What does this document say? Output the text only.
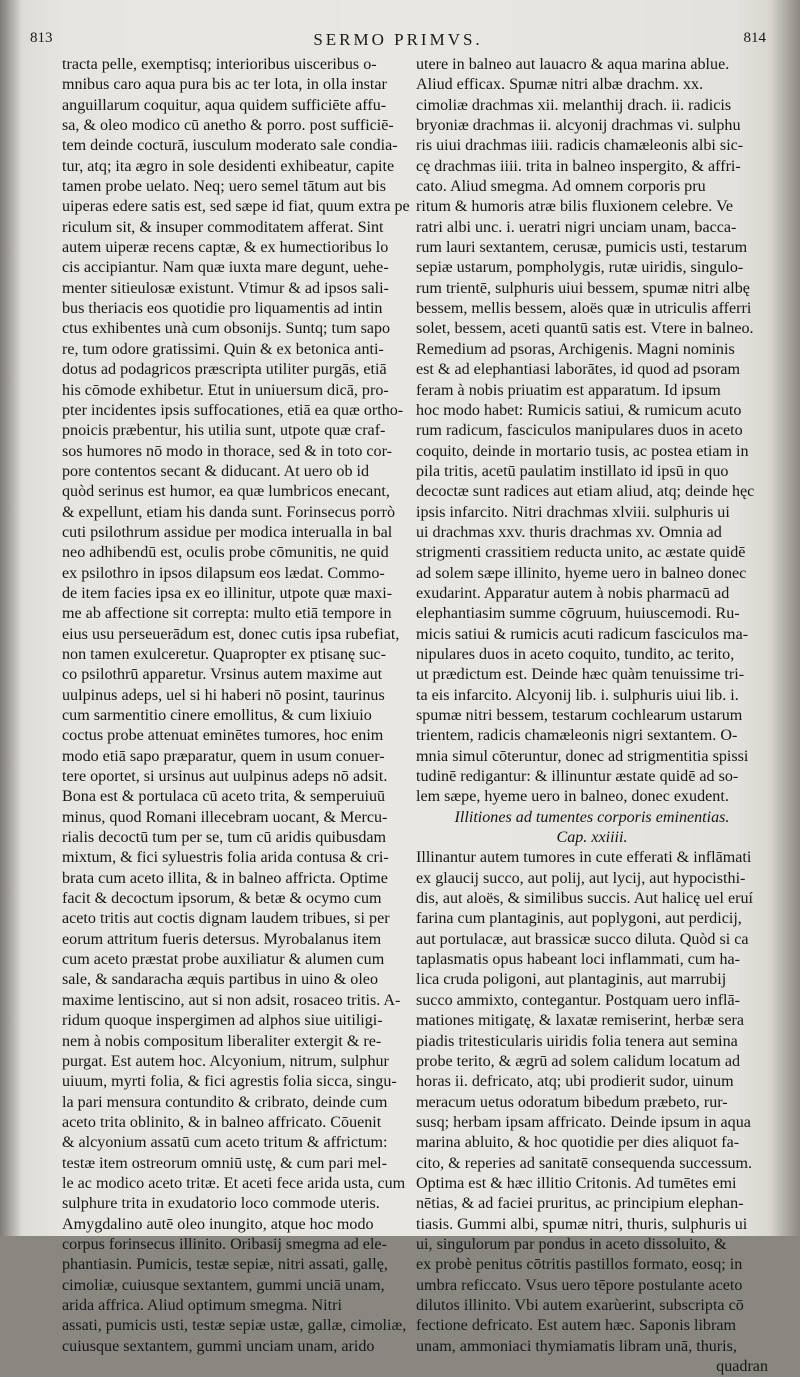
813	SERMO PRIMVS.	814
tracta pelle, exemptisq; interioribus uisceribus o-
mnibus caro aqua pura bis ac ter lota, in olla instar
anguillarum coquitur, aqua quidem sufficiēte affu-
sa, & oleo modico cū anetho & porro. post sufficiē-
tem deinde cocturā, iusculum moderato sale condia-
tur, atq; ita ægro in sole desidenti exhibeatur, capite
tamen probe uelato. Neq; uero semel tātum aut bis
uiperas edere satis est, sed sæpe id fiat, quum extra pe
riculum sit, & insuper commoditatem afferat. Sint
autem uiperæ recens captæ, & ex humectioribus lo
cis accipiantur. Nam quæ iuxta mare degunt, uehe-
menter sitieulosæ existunt. Vtimur & ad ipsos sali-
bus theriacis eos quotidie pro liquamentis ad intin
ctus exhibentes unà cum obsonijs. Suntq; tum sapo
re, tum odore gratissimi. Quin & ex betonica anti-
dotus ad podagricos præscripta utiliter purgās, etiā
his cōmode exhibetur. Etut in uniuersum dicā, pro-
pter incidentes ipsis suffocationes, etiā ea quæ ortho-
pnoicis præbentur, his utilia sunt, utpote quæ craf-
sos humores nō modo in thorace, sed & in toto cor-
pore contentos secant & diducant. At uero ob id
quòd serinus est humor, ea quæ lumbricos enecant,
& expellunt, etiam his danda sunt. Forinsecus porrò
cuti psilothrum assidue per modica interualla in bal
neo adhibendū est, oculis probe cōmunitis, ne quid
ex psilothro in ipsos dilapsum eos lædat. Commo-
de item facies ipsa ex eo illinitur, utpote quæ maxi-
me ab affectione sit correpta: multo etiā tempore in
eius usu perseuerādum est, donec cutis ipsa rubefiat,
non tamen exulceretur. Quapropter ex ptisanę suc-
co psilothrū apparetur. Vrsinus autem maxime aut
uulpinus adeps, uel si hi haberi nō posint, taurinus
cum sarmentitio cinere emollitus, & cum lixiuio
coctus probe attenuat eminētes tumores, hoc enim
modo etiā sapo præparatur, quem in usum conuer-
tere oportet, si ursinus aut uulpinus adeps nō adsit.
Bona est & portulaca cū aceto trita, & semperuiuū
minus, quod Romani illecebram uocant, & Mercu-
rialis decoctū tum per se, tum cū aridis quibusdam
mixtum, & fici syluestris folia arida contusa & cri-
brata cum aceto illita, & in balneo affricta. Optime
facit & decoctum ipsorum, & betæ & ocymo cum
aceto tritis aut coctis dignam laudem tribues, si per
eorum attritum fueris detersus. Myrobalanus item
cum aceto præstat probe auxiliatur & alumen cum
sale, & sandaracha æquis partibus in uino & oleo
maxime lentiscino, aut si non adsit, rosaceo tritis. A-
ridum quoque inspergimen ad alphos siue uitiligi-
nem à nobis compositum liberaliter extergit & re-
purgat. Est autem hoc. Alcyonium, nitrum, sulphur
uiuum, myrti folia, & fici agrestis folia sicca, singu-
la pari mensura contundito & cribrato, deinde cum
aceto trita oblinito, & in balneo affricato. Cōuenit
& alcyonium assatū cum aceto tritum & affrictum:
testæ item ostreorum omniū ustę, & cum pari mel-
le ac modico aceto tritæ. Et aceti fece arida usta, cum
sulphure trita in exudatorio loco commode uteris.
Amygdalino autē oleo inungito, atque hoc modo
corpus forinsecus illinito. Oribasij smegma ad ele-
phantiasin. Pumicis, testæ sepiæ, nitri assati, gallę,
cimoliæ, cuiusque sextantem, gummi unciā unam,
arida affrica. Aliud optimum smegma. Nitri
assati, pumicis usti, testæ sepiæ ustæ, gallæ, cimoliæ,
cuiusque sextantem, gummi unciam unam, arido
utere in balneo aut lauacro & aqua marina ablue.
Aliud efficax. Spumæ nitri albæ drachm. xx.
cimoliæ drachmas xii. melanthij drach. ii. radicis
bryoniæ drachmas ii. alcyonij drachmas vi. sulphu
ris uiui drachmas iiii. radicis chamæleonis albi sic-
cę drachmas iiii. trita in balneo inspergito, & affri-
cato. Aliud smegma. Ad omnem corporis pru
ritum & humoris atræ bilis fluxionem celebre. Ve
ratri albi unc. i. ueratri nigri unciam unam, bacca-
rum lauri sextantem, cerusæ, pumicis usti, testarum
sepiæ ustarum, pompholygis, rutæ uiridis, singulo-
rum trientē, sulphuris uiui bessem, spumæ nitri albę
bessem, mellis bessem, aloës quæ in utriculis afferri
solet, bessem, aceti quantū satis est. Vtere in balneo.
Remedium ad psoras, Archigenis. Magni nominis
est & ad elephantiasi laborātes, id quod ad psoram
feram à nobis priuatim est apparatum. Id ipsum
hoc modo habet: Rumicis satiui, & rumicum acuto
rum radicum, fasciculos manipulares duos in aceto
coquito, deinde in mortario tusis, ac postea etiam in
pila tritis, acetū paulatim instillato id ipsū in quo
decoctæ sunt radices aut etiam aliud, atq; deinde hęc
ipsis infarcito. Nitri drachmas xlviii. sulphuris ui
ui drachmas xxv. thuris drachmas xv. Omnia ad
strigmenti crassitiem reducta unito, ac æstate quidē
ad solem sæpe illinito, hyeme uero in balneo donec
exudarint. Apparatur autem à nobis pharmacū ad
elephantiasim summe cōgruum, huiuscemodi. Ru-
micis satiui & rumicis acuti radicum fasciculos ma-
nipulares duos in aceto coquito, tundito, ac terito,
ut prædictum est. Deinde hæc quàm tenuissime tri-
ta eis infarcito. Alcyonij lib. i. sulphuris uiui lib. i.
spumæ nitri bessem, testarum cochlearum ustarum
trientem, radicis chamæleonis nigri sextantem. O-
mnia simul cōteruntur, donec ad strigmentitia spissi
tudinē redigantur: & illinuntur æstate quidē ad so-
lem sæpe, hyeme uero in balneo, donec exudent.
Illitiones ad tumentes corporis eminentias.
Cap. xxiiii.
Illinantur autem tumores in cute efferati & inflāmati
ex glaucij succo, aut polij, aut lycij, aut hypocisthi-
dis, aut aloës, & similibus succis. Aut halicę uel eruí
farina cum plantaginis, aut poplygoni, aut perdicij,
aut portulacæ, aut brassicæ succo diluta. Quòd si ca
taplasmatis opus habeant loci inflammati, cum ha-
lica cruda poligoni, aut plantaginis, aut marrubij
succo ammixto, contegantur. Postquam uero inflā-
mationes mitigatę, & laxatæ remiserint, herbæ sera
piadis tritesticularis uiridis folia tenera aut semina
probe terito, & ægrū ad solem calidum locatum ad
horas ii. defricato, atq; ubi prodierit sudor, uinum
meracum uetus odoratum bibedum præbeto, rur-
susq; herbam ipsam affricato. Deinde ipsum in aqua
marina abluito, & hoc quotidie per dies aliquot fa-
cito, & reperies ad sanitatē consequenda successum.
Optima est & hæc illitio Critonis. Ad tumētes emi
nētias, & ad faciei pruritus, ac principium elephan-
tiasis. Gummi albi, spumæ nitri, thuris, sulphuris ui
ui, singulorum par pondus in aceto dissoluito, &
ex probè penitus cōtritis pastillos formato, eosq; in
umbra reficcato. Vsus uero tēpore postulante aceto
dilutos illinito. Vbi autem exarùerint, subscripta cō
fectione defricato. Est autem hæc. Saponis libram
unam, ammoniaci thymiamatis libram unā, thuris,
quadran
